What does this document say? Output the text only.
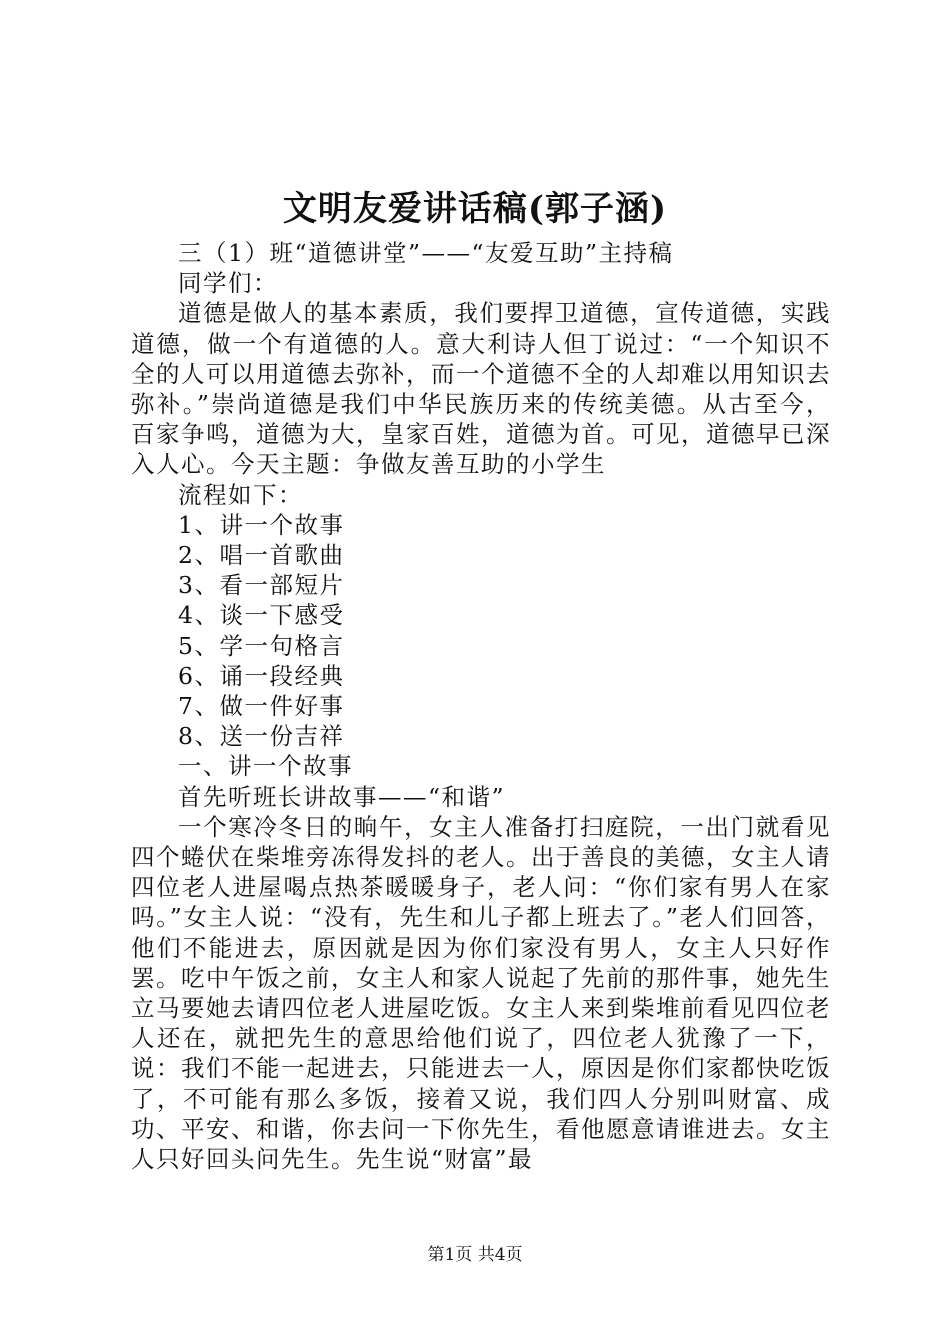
文明友爱讲话稿(郭子涵)

三（1）班“道德讲堂”——“友爱互助”主持稿

同学们：

道德是做人的基本素质，我们要捍卫道德，宣传道德，实践道德，做一个有道德的人。意大利诗人但丁说过：“一个知识不全的人可以用道德去弥补，而一个道德不全的人却难以用知识去弥补。”崇尚道德是我们中华民族历来的传统美德。从古至今，百家争鸣，道德为大，皇家百姓，道德为首。可见，道德早已深入人心。今天主题：争做友善互助的小学生

流程如下：

1、讲一个故事

2、唱一首歌曲

3、看一部短片

4、谈一下感受

5、学一句格言

6、诵一段经典

7、做一件好事

8、送一份吉祥

一、讲一个故事

首先听班长讲故事——“和谐”

一个寒冷冬日的晌午，女主人准备打扫庭院，一出门就看见四个蜷伏在柴堆旁冻得发抖的老人。出于善良的美德，女主人请四位老人进屋喝点热茶暖暖身子，老人问：“你们家有男人在家吗。”女主人说：“没有，先生和儿子都上班去了。”老人们回答，他们不能进去，原因就是因为你们家没有男人，女主人只好作罢。吃中午饭之前，女主人和家人说起了先前的那件事，她先生立马要她去请四位老人进屋吃饭。女主人来到柴堆前看见四位老人还在，就把先生的意思给他们说了，四位老人犹豫了一下，说：我们不能一起进去，只能进去一人，原因是你们家都快吃饭了，不可能有那么多饭，接着又说，我们四人分别叫财富、成功、平安、和谐，你去问一下你先生，看他愿意请谁进去。女主人只好回头问先生。先生说“财富”最

第1页 共4页
